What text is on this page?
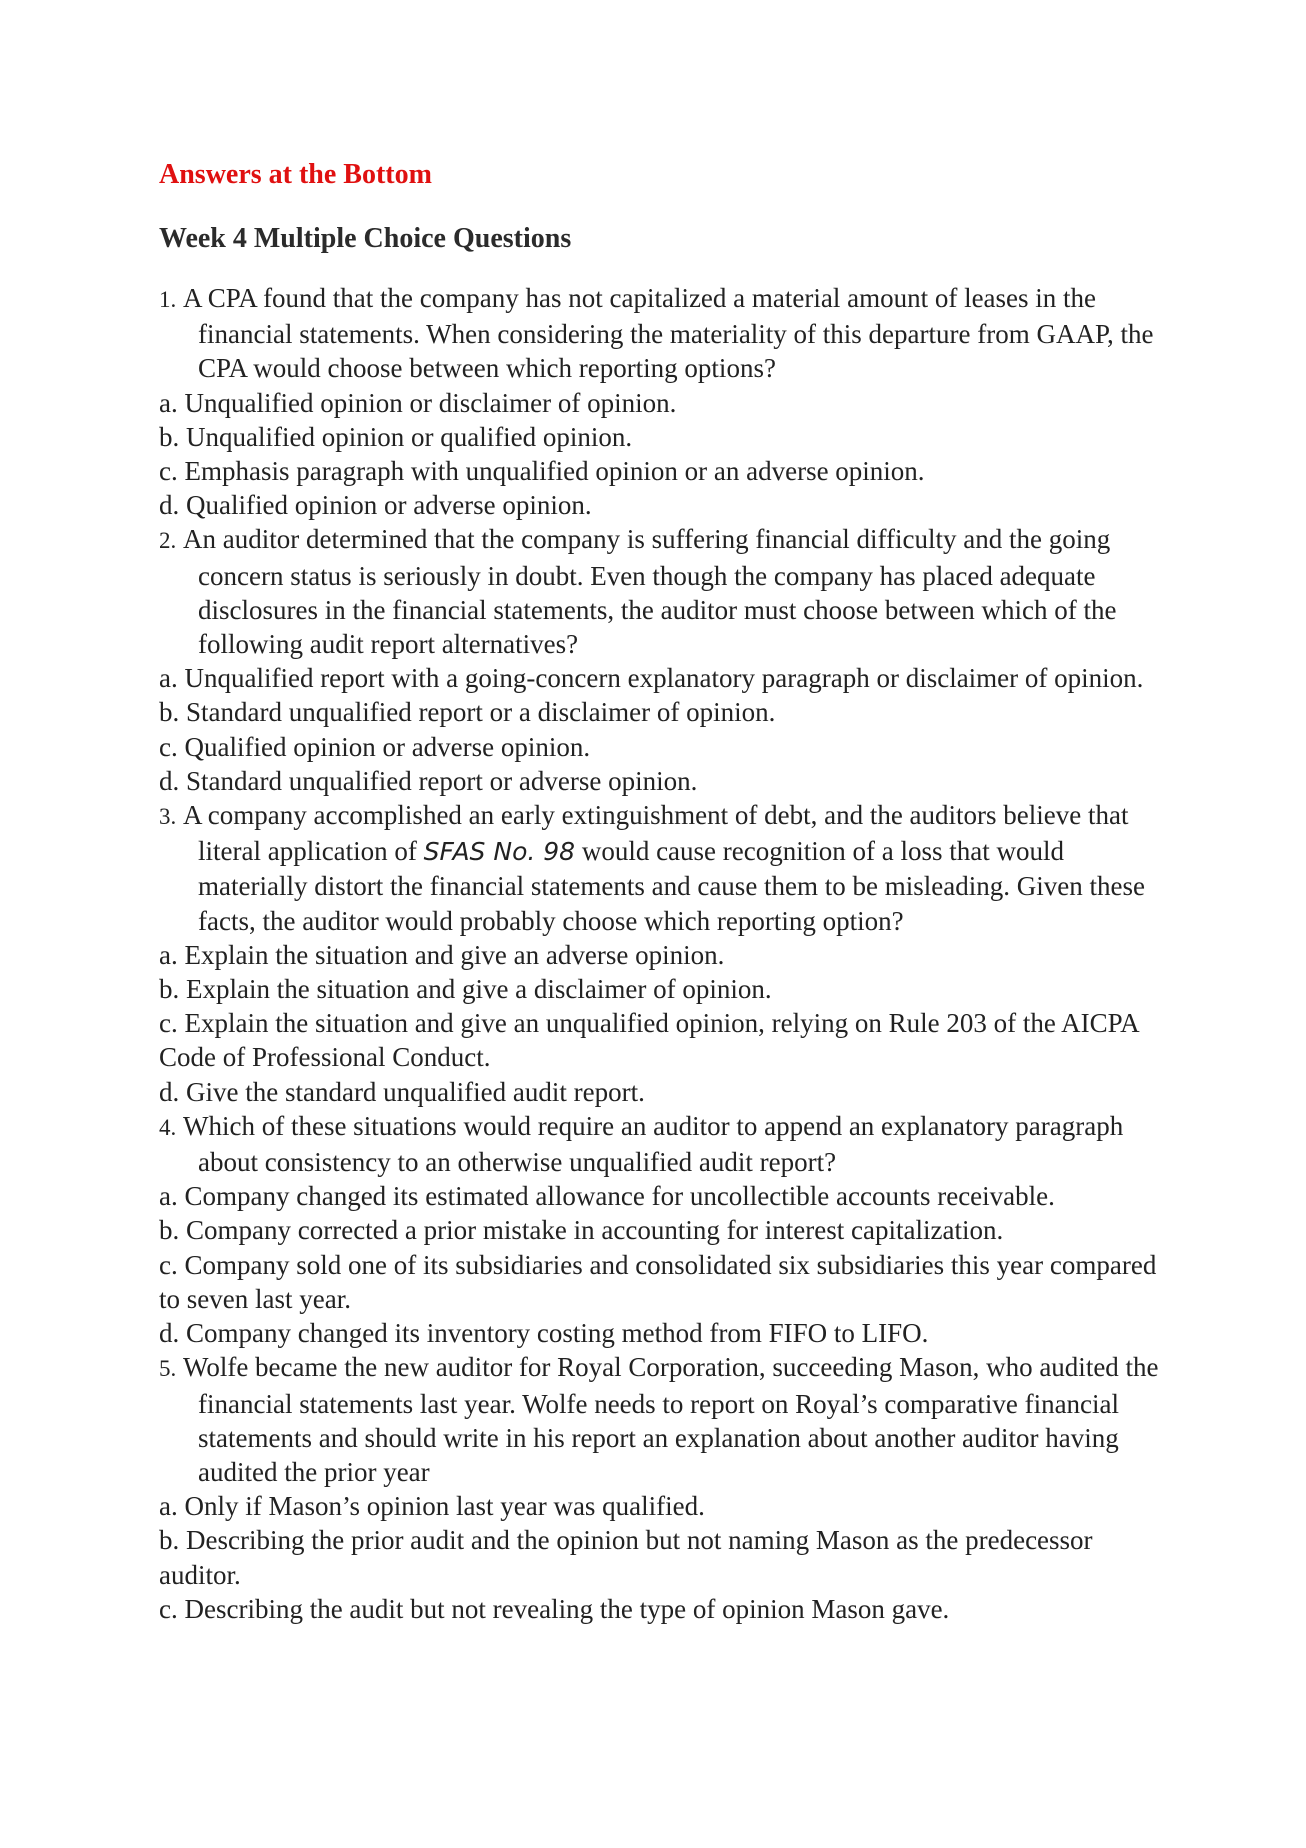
Answers at the Bottom

Week 4 Multiple Choice Questions

1. A CPA found that the company has not capitalized a material amount of leases in the financial statements. When considering the materiality of this departure from GAAP, the CPA would choose between which reporting options?

a. Unqualified opinion or disclaimer of opinion.

b. Unqualified opinion or qualified opinion.

c. Emphasis paragraph with unqualified opinion or an adverse opinion.

d. Qualified opinion or adverse opinion.

2. An auditor determined that the company is suffering financial difficulty and the going concern status is seriously in doubt. Even though the company has placed adequate disclosures in the financial statements, the auditor must choose between which of the following audit report alternatives?

a. Unqualified report with a going-concern explanatory paragraph or disclaimer of opinion.

b. Standard unqualified report or a disclaimer of opinion.

c. Qualified opinion or adverse opinion.

d. Standard unqualified report or adverse opinion.

3. A company accomplished an early extinguishment of debt, and the auditors believe that literal application of SFAS No. 98 would cause recognition of a loss that would materially distort the financial statements and cause them to be misleading. Given these facts, the auditor would probably choose which reporting option?

a. Explain the situation and give an adverse opinion.

b. Explain the situation and give a disclaimer of opinion.

c. Explain the situation and give an unqualified opinion, relying on Rule 203 of the AICPA Code of Professional Conduct.

d. Give the standard unqualified audit report.

4. Which of these situations would require an auditor to append an explanatory paragraph about consistency to an otherwise unqualified audit report?

a. Company changed its estimated allowance for uncollectible accounts receivable.

b. Company corrected a prior mistake in accounting for interest capitalization.

c. Company sold one of its subsidiaries and consolidated six subsidiaries this year compared to seven last year.

d. Company changed its inventory costing method from FIFO to LIFO.

5. Wolfe became the new auditor for Royal Corporation, succeeding Mason, who audited the financial statements last year. Wolfe needs to report on Royal’s comparative financial statements and should write in his report an explanation about another auditor having audited the prior year

a. Only if Mason’s opinion last year was qualified.

b. Describing the prior audit and the opinion but not naming Mason as the predecessor auditor.

c. Describing the audit but not revealing the type of opinion Mason gave.
